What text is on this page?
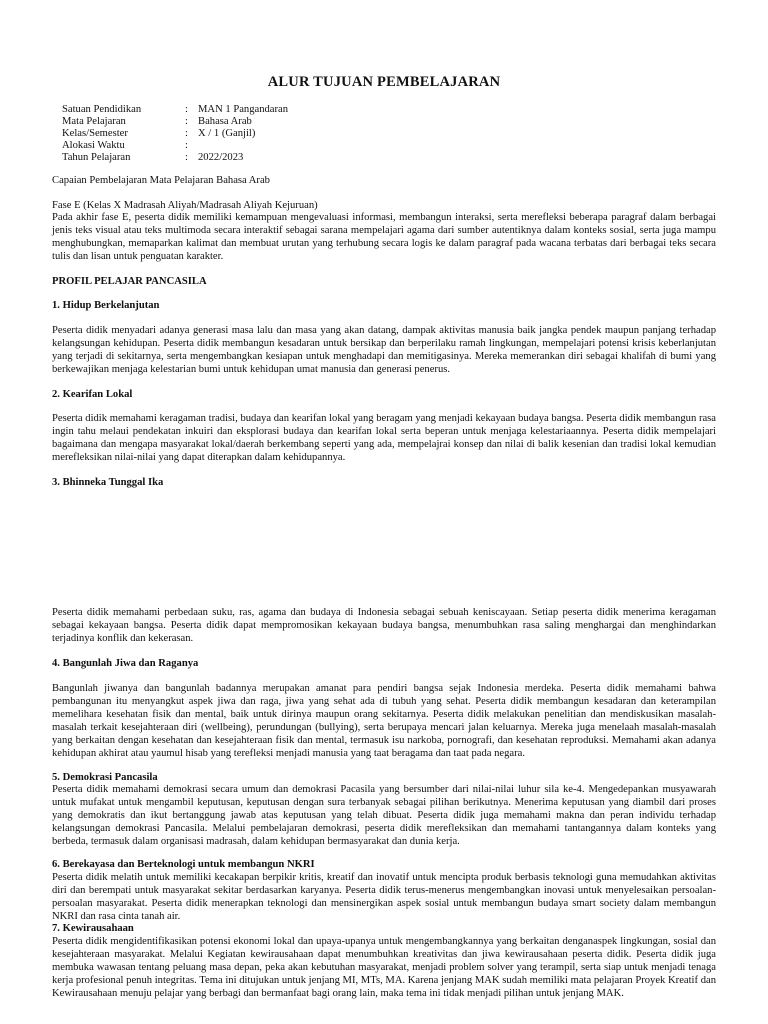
ALUR TUJUAN PEMBELAJARAN
Satuan Pendidikan	: MAN 1 Pangandaran
Mata Pelajaran	: Bahasa Arab
Kelas/Semester	: X / 1 (Ganjil)
Alokasi Waktu	:
Tahun Pelajaran	: 2022/2023
Capaian Pembelajaran Mata Pelajaran Bahasa Arab
Fase E (Kelas X Madrasah Aliyah/Madrasah Aliyah Kejuruan)
Pada akhir fase E, peserta didik memiliki kemampuan mengevaluasi informasi, membangun interaksi, serta merefleksi beberapa paragraf dalam berbagai jenis teks visual atau teks multimoda secara interaktif sebagai sarana mempelajari agama dari sumber autentiknya dalam konteks sosial, serta juga mampu menghubungkan, memaparkan kalimat dan membuat urutan yang terhubung secara logis ke dalam paragraf pada wacana terbatas dari berbagai teks secara tulis dan lisan untuk penguatan karakter.
PROFIL PELAJAR PANCASILA
1. Hidup Berkelanjutan
Peserta didik menyadari adanya generasi masa lalu dan masa yang akan datang, dampak aktivitas manusia baik jangka pendek maupun panjang terhadap kelangsungan kehidupan. Peserta didik membangun kesadaran untuk bersikap dan berperilaku ramah lingkungan, mempelajari potensi krisis keberlanjutan yang terjadi di sekitarnya, serta mengembangkan kesiapan untuk menghadapi dan memitigasinya. Mereka memerankan diri sebagai khalifah di bumi yang berkewajikan menjaga kelestarian bumi untuk kehidupan umat manusia dan generasi penerus.
2. Kearifan Lokal
Peserta didik memahami keragaman tradisi, budaya dan kearifan lokal yang beragam yang menjadi kekayaan budaya bangsa. Peserta didik membangun rasa ingin tahu melaui pendekatan inkuiri dan eksplorasi budaya dan kearifan lokal serta beperan untuk menjaga kelestariaannya. Peserta didik mempelajari bagaimana dan mengapa masyarakat lokal/daerah berkembang seperti yang ada, mempelajrai konsep dan nilai di balik kesenian dan tradisi lokal kemudian merefleksikan nilai-nilai yang dapat diterapkan dalam kehidupannya.
3. Bhinneka Tunggal Ika
Peserta didik memahami perbedaan suku, ras, agama dan budaya di Indonesia sebagai sebuah keniscayaan. Setiap peserta didik menerima keragaman sebagai kekayaan bangsa. Peserta didik dapat mempromosikan kekayaan budaya bangsa, menumbuhkan rasa saling menghargai dan menghindarkan terjadinya konflik dan kekerasan.
4. Bangunlah Jiwa dan Raganya
Bangunlah jiwanya dan bangunlah badannya merupakan amanat para pendiri bangsa sejak Indonesia merdeka. Peserta didik memahami bahwa pembangunan itu menyangkut aspek jiwa dan raga, jiwa yang sehat ada di tubuh yang sehat. Peserta didik membangun kesadaran dan keterampilan memelihara kesehatan fisik dan mental, baik untuk dirinya maupun orang sekitarnya. Peserta didik melakukan penelitian dan mendiskusikan masalah-masalah terkait kesejahteraan diri (wellbeing), perundungan (bullying), serta berupaya mencari jalan keluarnya. Mereka juga menelaah masalah-masalah yang berkaitan dengan kesehatan dan kesejahteraan fisik dan mental, termasuk isu narkoba, pornografi, dan kesehatan reproduksi. Memahami akan adanya kehidupan akhirat atau yaumul hisab yang terefleksi menjadi manusia yang taat beragama dan taat pada negara.
5. Demokrasi Pancasila
Peserta didik memahami demokrasi secara umum dan demokrasi Pacasila yang bersumber dari nilai-nilai luhur sila ke-4. Mengedepankan musyawarah untuk mufakat untuk mengambil keputusan, keputusan dengan sura terbanyak sebagai pilihan berikutnya. Menerima keputusan yang diambil dari proses yang demokratis dan ikut bertanggung jawab atas keputusan yang telah dibuat. Peserta didik juga memahami makna dan peran individu terhadap kelangsungan demokrasi Pancasila. Melalui pembelajaran demokrasi, peserta didik merefleksikan dan memahami tantangannya dalam konteks yang berbeda, termasuk dalam organisasi madrasah, dalam kehidupan bermasyarakat dan dunia kerja.
6. Berekayasa dan Berteknologi untuk membangun NKRI
Peserta didik melatih untuk memiliki kecakapan berpikir kritis, kreatif dan inovatif untuk mencipta produk berbasis teknologi guna memudahkan aktivitas diri dan berempati untuk masyarakat sekitar berdasarkan karyanya. Peserta didik terus-menerus mengembangkan inovasi untuk menyelesaikan persoalan-persoalan masyarakat. Peserta didik menerapkan teknologi dan mensinergikan aspek sosial untuk membangun budaya smart society dalam membangun NKRI dan rasa cinta tanah air.
7. Kewirausahaan
Peserta didik mengidentifikasikan potensi ekonomi lokal dan upaya-upanya untuk mengembangkannya yang berkaitan denganaspek lingkungan, sosial dan kesejahteraan masyarakat. Melalui Kegiatan kewirausahaan dapat menumbuhkan kreativitas dan jiwa kewirausahaan peserta didik. Peserta didik juga membuka wawasan tentang peluang masa depan, peka akan kebutuhan masyarakat, menjadi problem solver yang terampil, serta siap untuk menjadi tenaga kerja profesional penuh integritas. Tema ini ditujukan untuk jenjang MI, MTs, MA. Karena jenjang MAK sudah memiliki mata pelajaran Proyek Kreatif dan Kewirausahaan menuju pelajar yang berbagi dan bermanfaat bagi orang lain, maka tema ini tidak menjadi pilihan untuk jenjang MAK.
